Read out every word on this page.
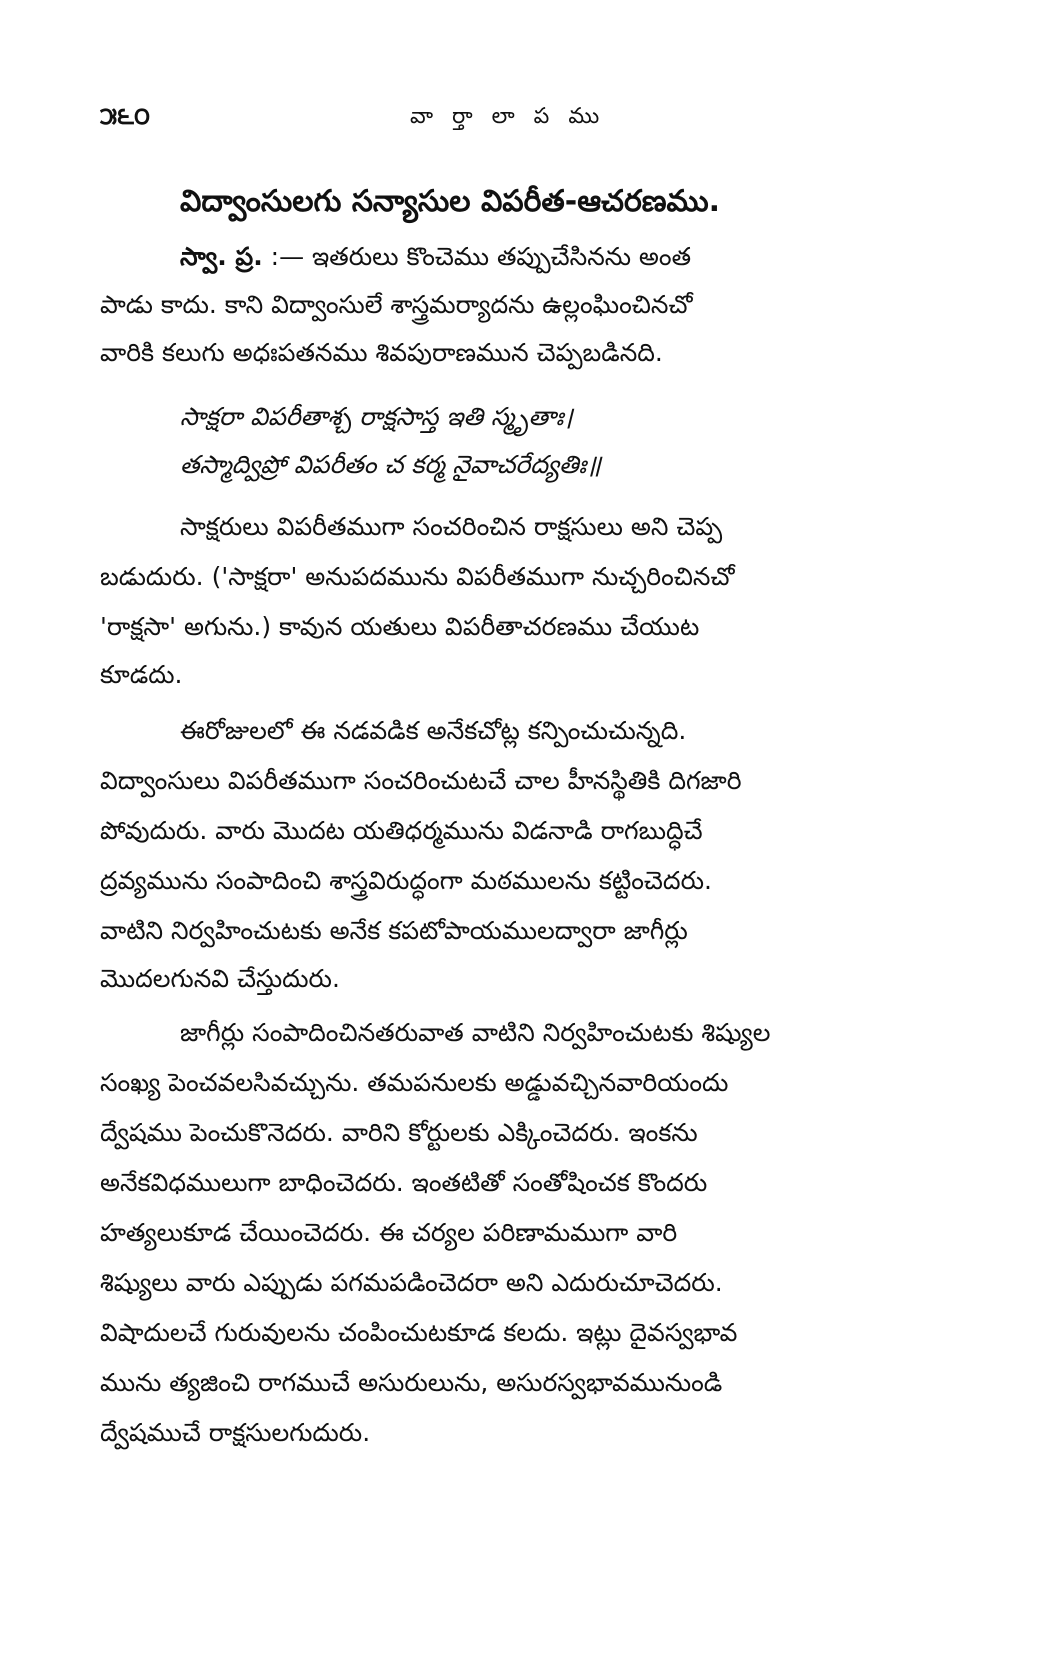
౫౬౦	వా ర్తా లా ప ము
విద్వాంసులగు సన్యాసుల విపరీత-ఆచరణము.
స్వా. ప్ర. :— ఇతరులు కొంచెము తప్పుచేసినను అంత
పాడు కాదు. కాని విద్వాంసులే శాస్త్రమర్యాదను ఉల్లంఘించినచో
వారికి కలుగు అధఃపతనము శివపురాణమున చెప్పబడినది.
సాక్షరా విపరీతాశ్చ రాక్షసాస్త ఇతి స్మృతాః।
తస్మాద్విప్రో విపరీతం చ కర్మ నైవాచరేద్యతిః॥
సాక్షరులు విపరీతముగా సంచరించిన రాక్షసులు అని చెప్ప
బడుదురు. ('సాక్షరా' అనుపదమును విపరీతముగా నుచ్చరించినచో
'రాక్షసా' అగును.) కావున యతులు విపరీతాచరణము చేయుట
కూడదు.
ఈరోజులలో ఈ నడవడిక అనేకచోట్ల కన్పించుచున్నది.
విద్వాంసులు విపరీతముగా సంచరించుటచే చాల హీనస్థితికి దిగజారి
పోవుదురు. వారు మొదట యతిధర్మమును విడనాడి రాగబుద్ధిచే
ద్రవ్యమును సంపాదించి శాస్త్రవిరుద్ధంగా మఠములను కట్టించెదరు.
వాటిని నిర్వహించుటకు అనేక కపటోపాయములద్వారా జాగీర్లు
మొదలగునవి చేస్తుదురు.
జాగీర్లు సంపాదించినతరువాత వాటిని నిర్వహించుటకు శిష్యుల
సంఖ్య పెంచవలసివచ్చును. తమపనులకు అడ్డువచ్చినవారియందు
ద్వేషము పెంచుకొనెదరు. వారిని కోర్టులకు ఎక్కించెదరు. ఇంకను
అనేకవిధములుగా బాధించెదరు. ఇంతటితో సంతోషించక కొందరు
హత్యలుకూడ చేయించెదరు. ఈ చర్యల పరిణామముగా వారి
శిష్యులు వారు ఎప్పుడు పగమపడించెదరా అని ఎదురుచూచెదరు.
విషాదులచే గురువులను చంపించుటకూడ కలదు. ఇట్లు దైవస్వభావ
మును త్యజించి రాగముచే అసురులును, అసురస్వభావమునుండి
ద్వేషముచే రాక్షసులగుదురు.
